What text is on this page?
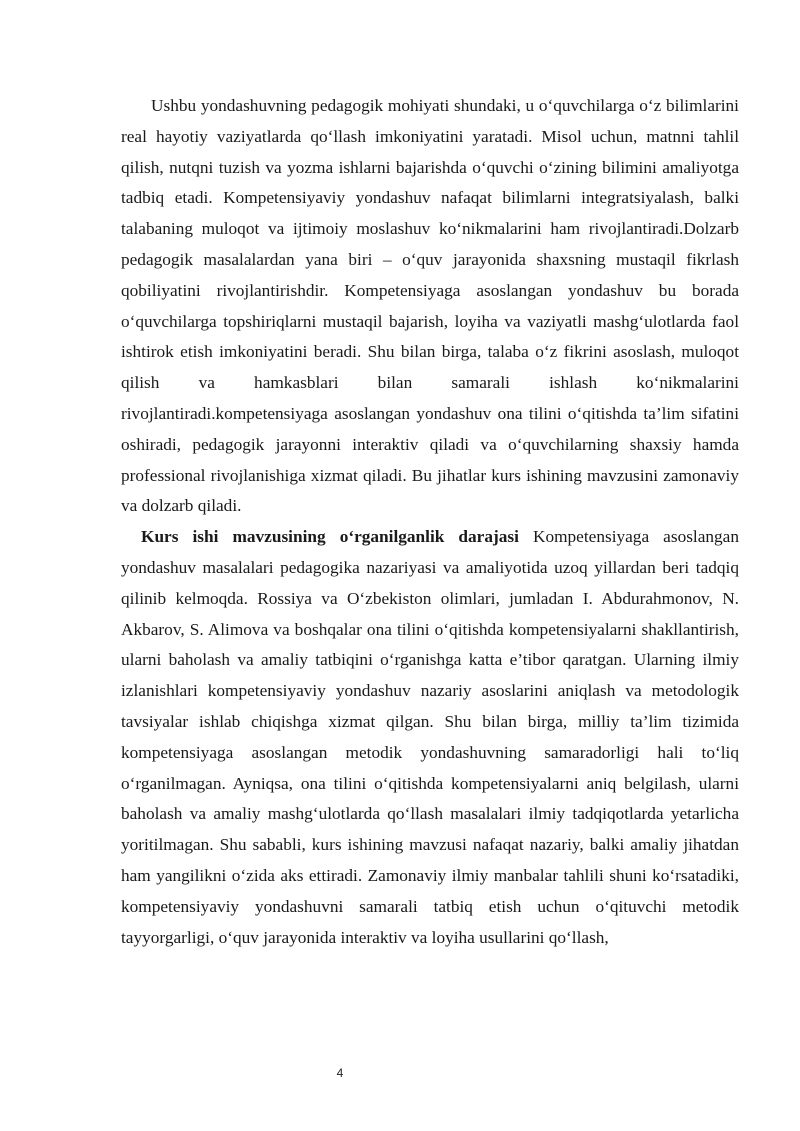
Ushbu yondashuvning pedagogik mohiyati shundaki, u o‘quvchilarga o‘z bilimlarini real hayotiy vaziyatlarda qo‘llash imkoniyatini yaratadi. Misol uchun, matnni tahlil qilish, nutqni tuzish va yozma ishlarni bajarishda o‘quvchi o‘zining bilimini amaliyotga tadbiq etadi. Kompetensiyaviy yondashuv nafaqat bilimlarni integratsiyalash, balki talabaning muloqot va ijtimoiy moslashuv ko‘nikmalarini ham rivojlantiradi.Dolzarb pedagogik masalalardan yana biri – o‘quv jarayonida shaxsning mustaqil fikrlash qobiliyatini rivojlantirishdir. Kompetensiyaga asoslangan yondashuv bu borada o‘quvchilarga topshiriqlarni mustaqil bajarish, loyiha va vaziyatli mashg‘ulotlarda faol ishtirok etish imkoniyatini beradi. Shu bilan birga, talaba o‘z fikrini asoslash, muloqot qilish va hamkasblari bilan samarali ishlash ko‘nikmalarini rivojlantiradi.kompetensiyaga asoslangan yondashuv ona tilini o‘qitishda ta’lim sifatini oshiradi, pedagogik jarayonni interaktiv qiladi va o‘quvchilarning shaxsiy hamda professional rivojlanishiga xizmat qiladi. Bu jihatlar kurs ishining mavzusini zamonaviy va dolzarb qiladi.

Kurs ishi mavzusining o‘rganilganlik darajasi Kompetensiyaga asoslangan yondashuv masalalari pedagogika nazariyasi va amaliyotida uzoq yillardan beri tadqiq qilinib kelmoqda. Rossiya va O‘zbekiston olimlari, jumladan I. Abdurahmonov, N. Akbarov, S. Alimova va boshqalar ona tilini o‘qitishda kompetensiyalarni shakllantirish, ularni baholash va amaliy tatbiqini o‘rganishga katta e’tibor qaratgan. Ularning ilmiy izlanishlari kompetensiyaviy yondashuv nazariy asoslarini aniqlash va metodologik tavsiyalar ishlab chiqishga xizmat qilgan. Shu bilan birga, milliy ta’lim tizimida kompetensiyaga asoslangan metodik yondashuvning samaradorligi hali to‘liq o‘rganilmagan. Ayniqsa, ona tilini o‘qitishda kompetensiyalarni aniq belgilash, ularni baholash va amaliy mashg‘ulotlarda qo‘llash masalalari ilmiy tadqiqotlarda yetarlicha yoritilmagan. Shu sababli, kurs ishining mavzusi nafaqat nazariy, balki amaliy jihatdan ham yangilikni o‘zida aks ettiradi. Zamonaviy ilmiy manbalar tahlili shuni ko‘rsatadiki, kompetensiyaviy yondashuvni samarali tatbiq etish uchun o‘qituvchi metodik tayyorgarligi, o‘quv jarayonida interaktiv va loyiha usullarini qo‘llash,

4
